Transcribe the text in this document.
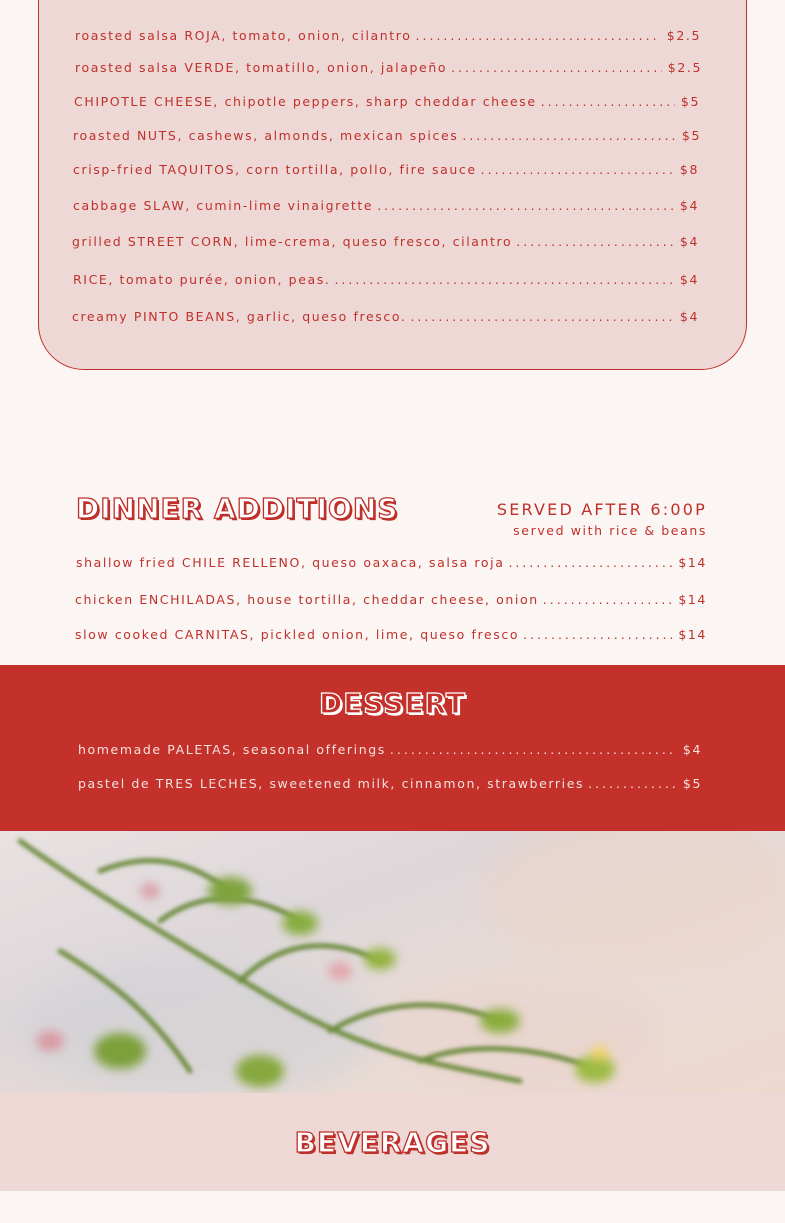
roasted salsa ROJA, tomato, onion, cilantro .....	$2.5
roasted salsa VERDE, tomatillo, onion, jalapeño .....	$2.5
CHIPOTLE CHEESE, chipotle peppers, sharp cheddar cheese .....	$5
roasted NUTS, cashews, almonds, mexican spices .....	$5
crisp-fried TAQUITOS, corn tortilla, pollo, fire sauce .....	$8
cabbage SLAW, cumin-lime vinaigrette .....	$4
grilled STREET CORN, lime-crema, queso fresco, cilantro .....	$4
RICE, tomato purée, onion, peas. .....	$4
creamy PINTO BEANS, garlic, queso fresco. .....	$4
DINNER ADDITIONS	SERVED AFTER 6:00P
served with rice & beans
shallow fried CHILE RELLENO, queso oaxaca, salsa roja .....	$14
chicken ENCHILADAS, house tortilla, cheddar cheese, onion .....	$14
slow cooked CARNITAS, pickled onion, lime, queso fresco .....	$14
DESSERT
homemade PALETAS, seasonal offerings .....	$4
pastel de TRES LECHES, sweetened milk, cinnamon, strawberries .....	$5
BEVERAGES
